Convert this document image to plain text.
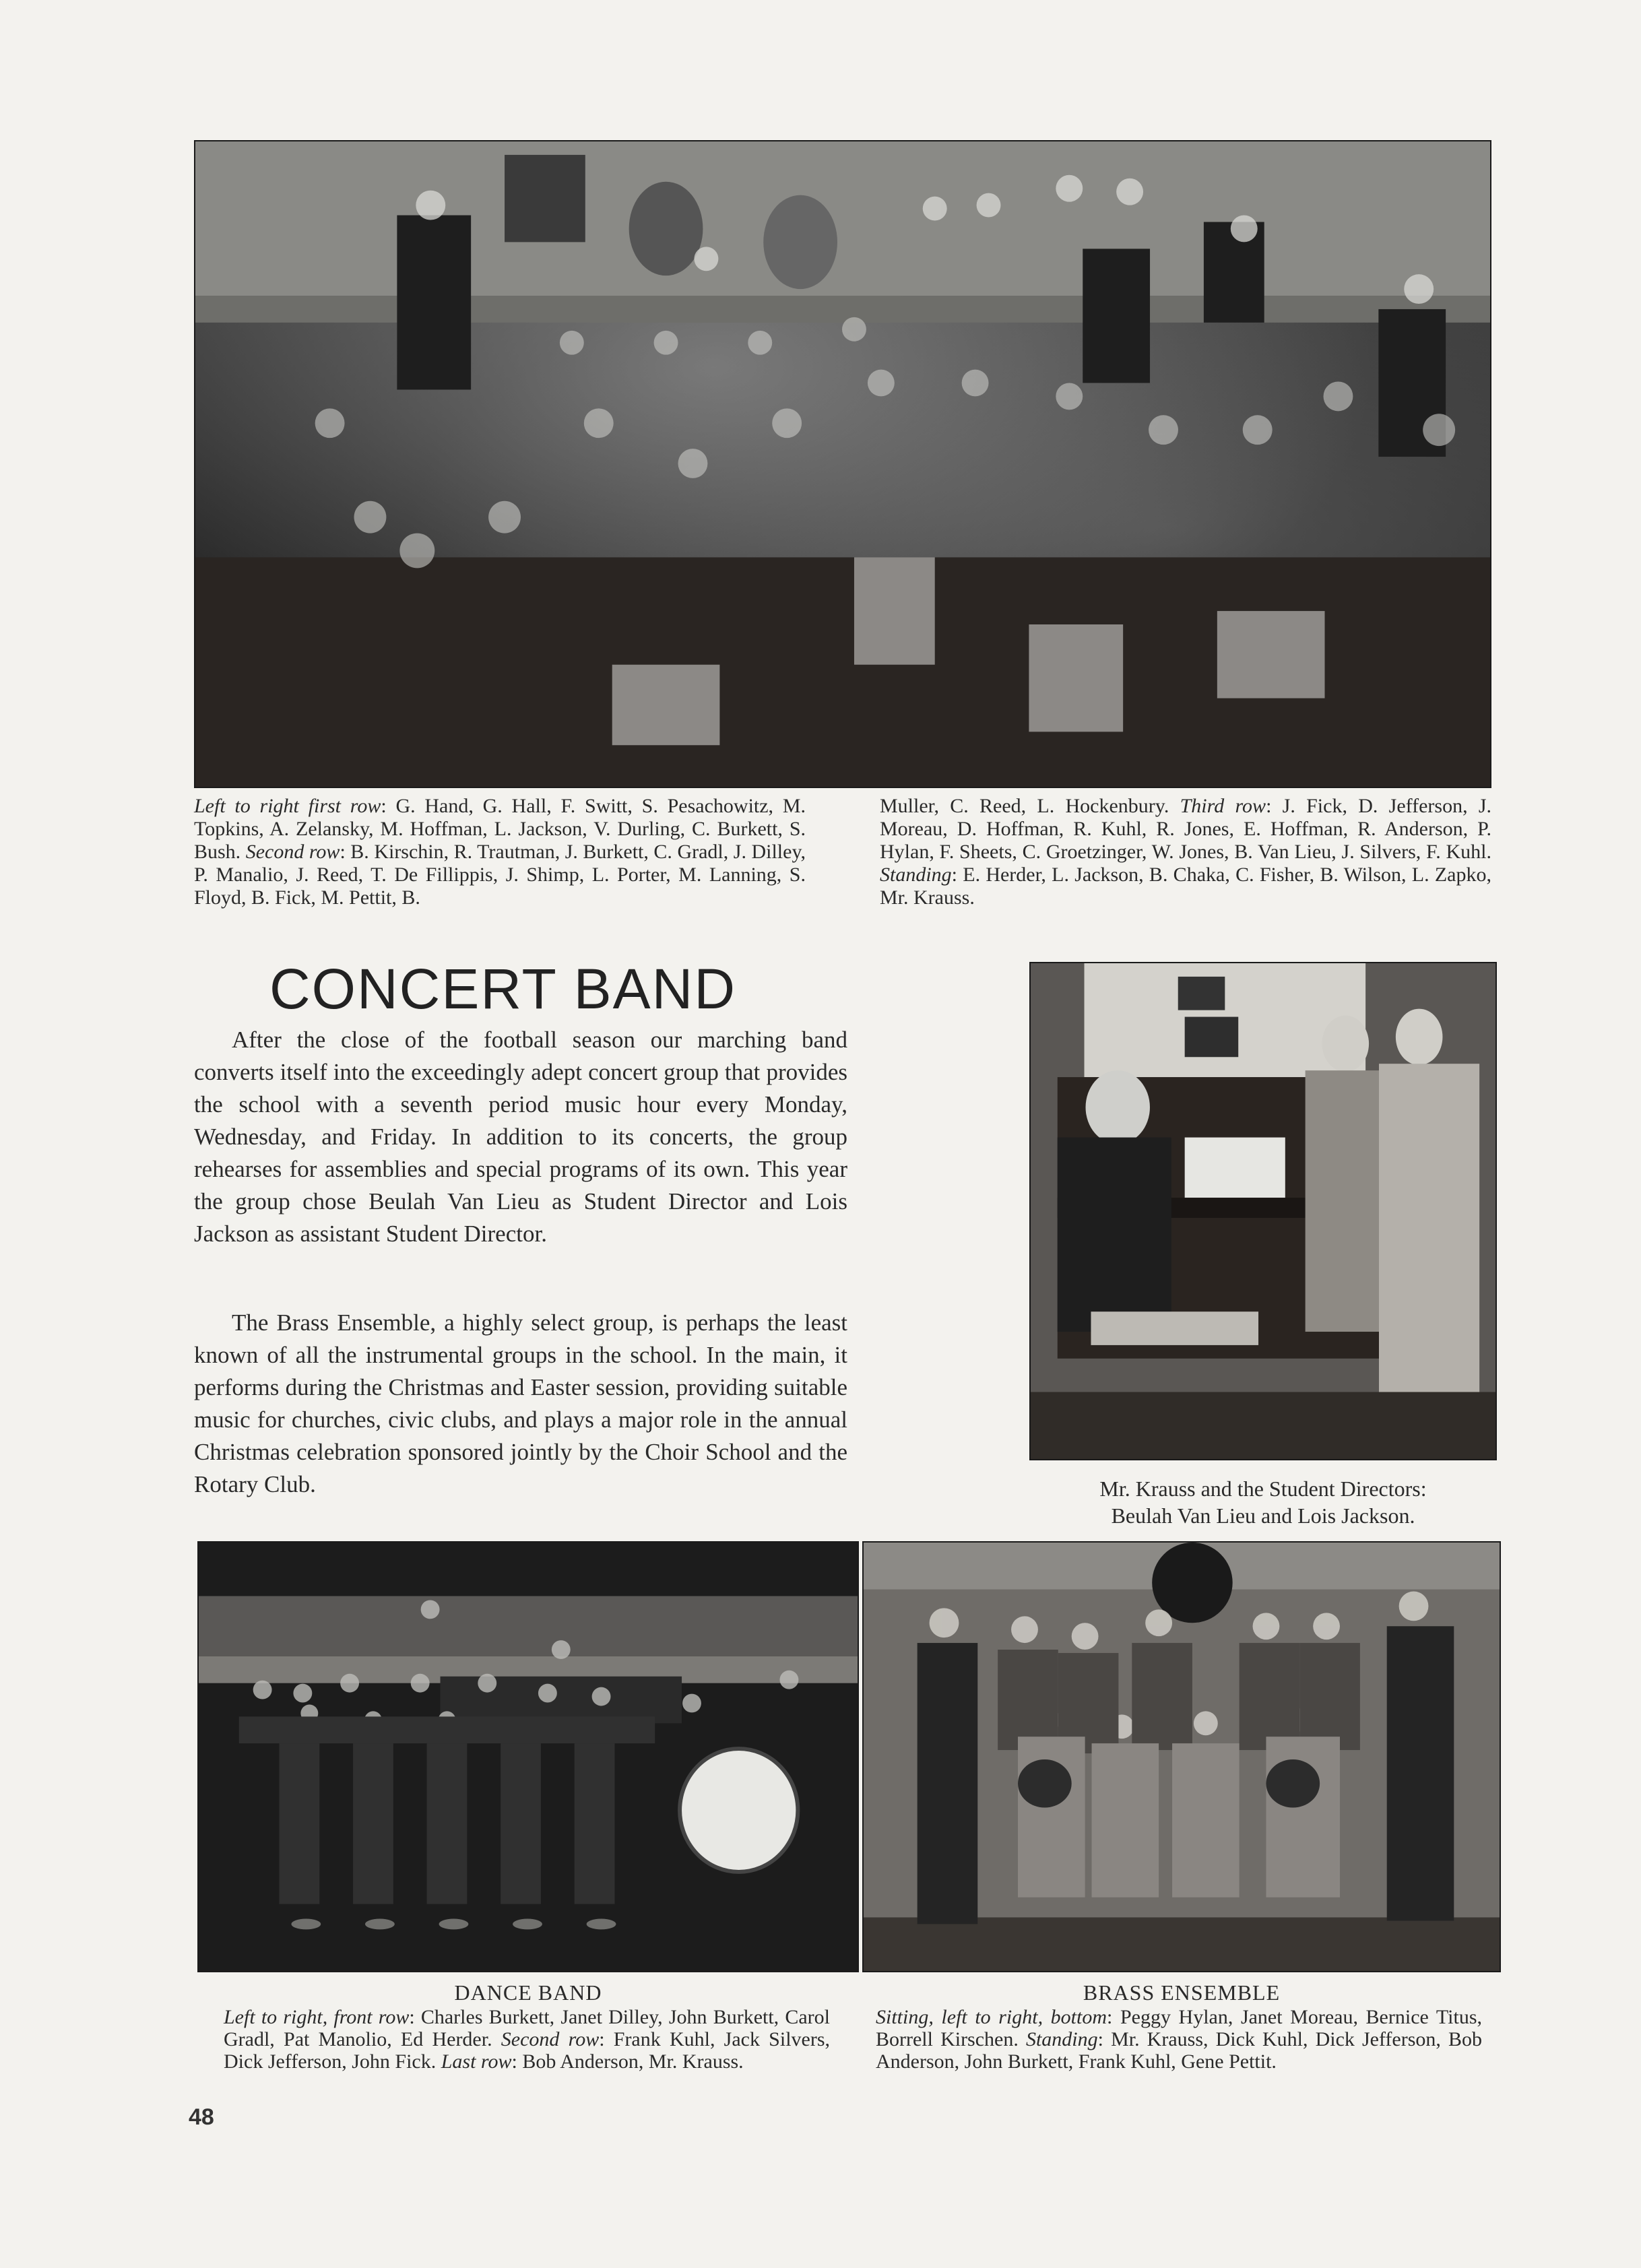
Left to right first row: G. Hand, G. Hall, F. Switt, S. Pesachowitz, M. Topkins, A. Zelansky, M. Hoffman, L. Jackson, V. Durling, C. Burkett, S. Bush. Second row: B. Kirschin, R. Trautman, J. Burkett, C. Gradl, J. Dilley, P. Manalio, J. Reed, T. De Fillippis, J. Shimp, L. Porter, M. Lanning, S. Floyd, B. Fick, M. Pettit, B.

Muller, C. Reed, L. Hockenbury. Third row: J. Fick, D. Jefferson, J. Moreau, D. Hoffman, R. Kuhl, R. Jones, E. Hoffman, R. Anderson, P. Hylan, F. Sheets, C. Groetzinger, W. Jones, B. Van Lieu, J. Silvers, F. Kuhl. Standing: E. Herder, L. Jackson, B. Chaka, C. Fisher, B. Wilson, L. Zapko, Mr. Krauss.

CONCERT BAND

After the close of the football season our marching band converts itself into the exceedingly adept concert group that provides the school with a seventh period music hour every Monday, Wednesday, and Friday. In addition to its concerts, the group rehearses for assemblies and special programs of its own. This year the group chose Beulah Van Lieu as Student Director and Lois Jackson as assistant Student Director.

The Brass Ensemble, a highly select group, is perhaps the least known of all the instrumental groups in the school. In the main, it performs during the Christmas and Easter session, providing suitable music for churches, civic clubs, and plays a major role in the annual Christmas celebration sponsored jointly by the Choir School and the Rotary Club.	Mr. Krauss and the Student Directors:
Beulah Van Lieu and Lois Jackson.

DANCE BAND

Left to right, front row: Charles Burkett, Janet Dilley, John Burkett, Carol Gradl, Pat Manolio, Ed Herder. Second row: Frank Kuhl, Jack Silvers, Dick Jefferson, John Fick. Last row: Bob Anderson, Mr. Krauss.

BRASS ENSEMBLE

Sitting, left to right, bottom: Peggy Hylan, Janet Moreau, Bernice Titus, Borrell Kirschen. Standing: Mr. Krauss, Dick Kuhl, Dick Jefferson, Bob Anderson, John Burkett, Frank Kuhl, Gene Pettit.

48
